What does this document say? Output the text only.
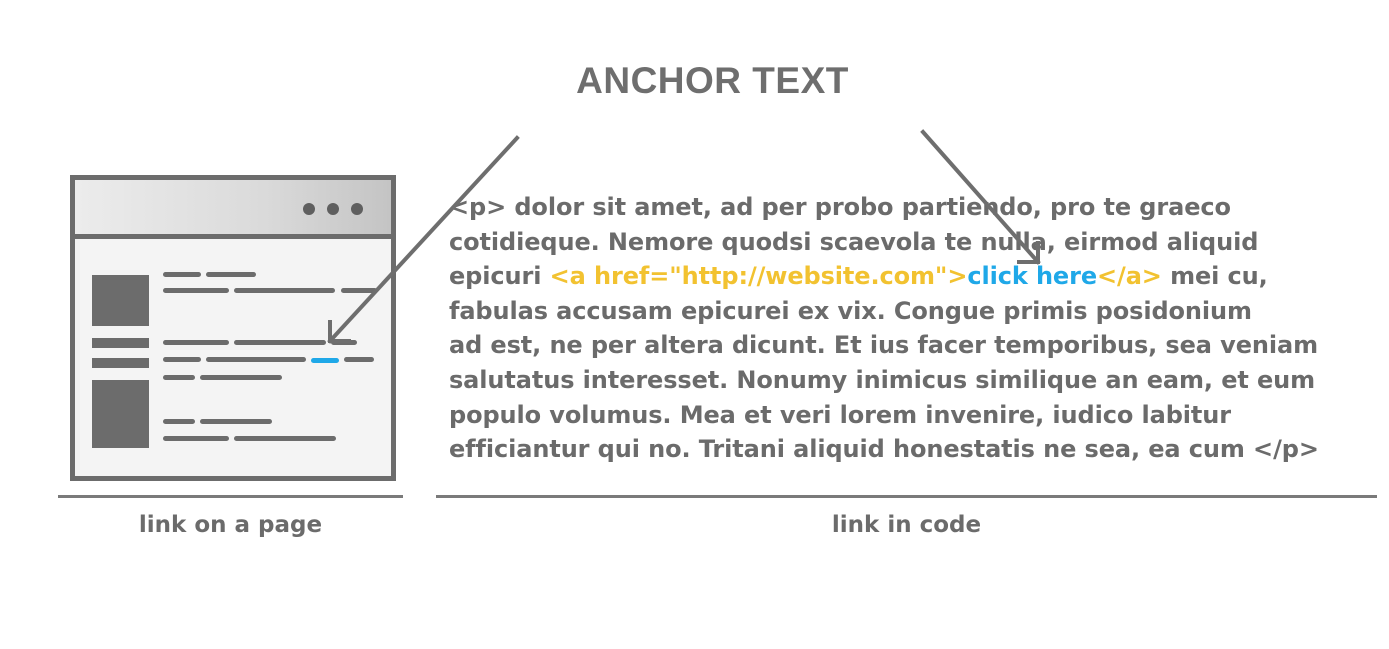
ANCHOR TEXT
<p> dolor sit amet, ad per probo partiendo, pro te graeco
cotidieque. Nemore quodsi scaevola te nulla, eirmod aliquid
epicuri <a href="http://website.com">click here</a> mei cu,
fabulas accusam epicurei ex vix. Congue primis posidonium
ad est, ne per altera dicunt. Et ius facer temporibus, sea veniam
salutatus interesset. Nonumy inimicus similique an eam, et eum
populo volumus. Mea et veri lorem invenire, iudico labitur
efficiantur qui no. Tritani aliquid honestatis ne sea, ea cum </p>
link on a page	link in code
